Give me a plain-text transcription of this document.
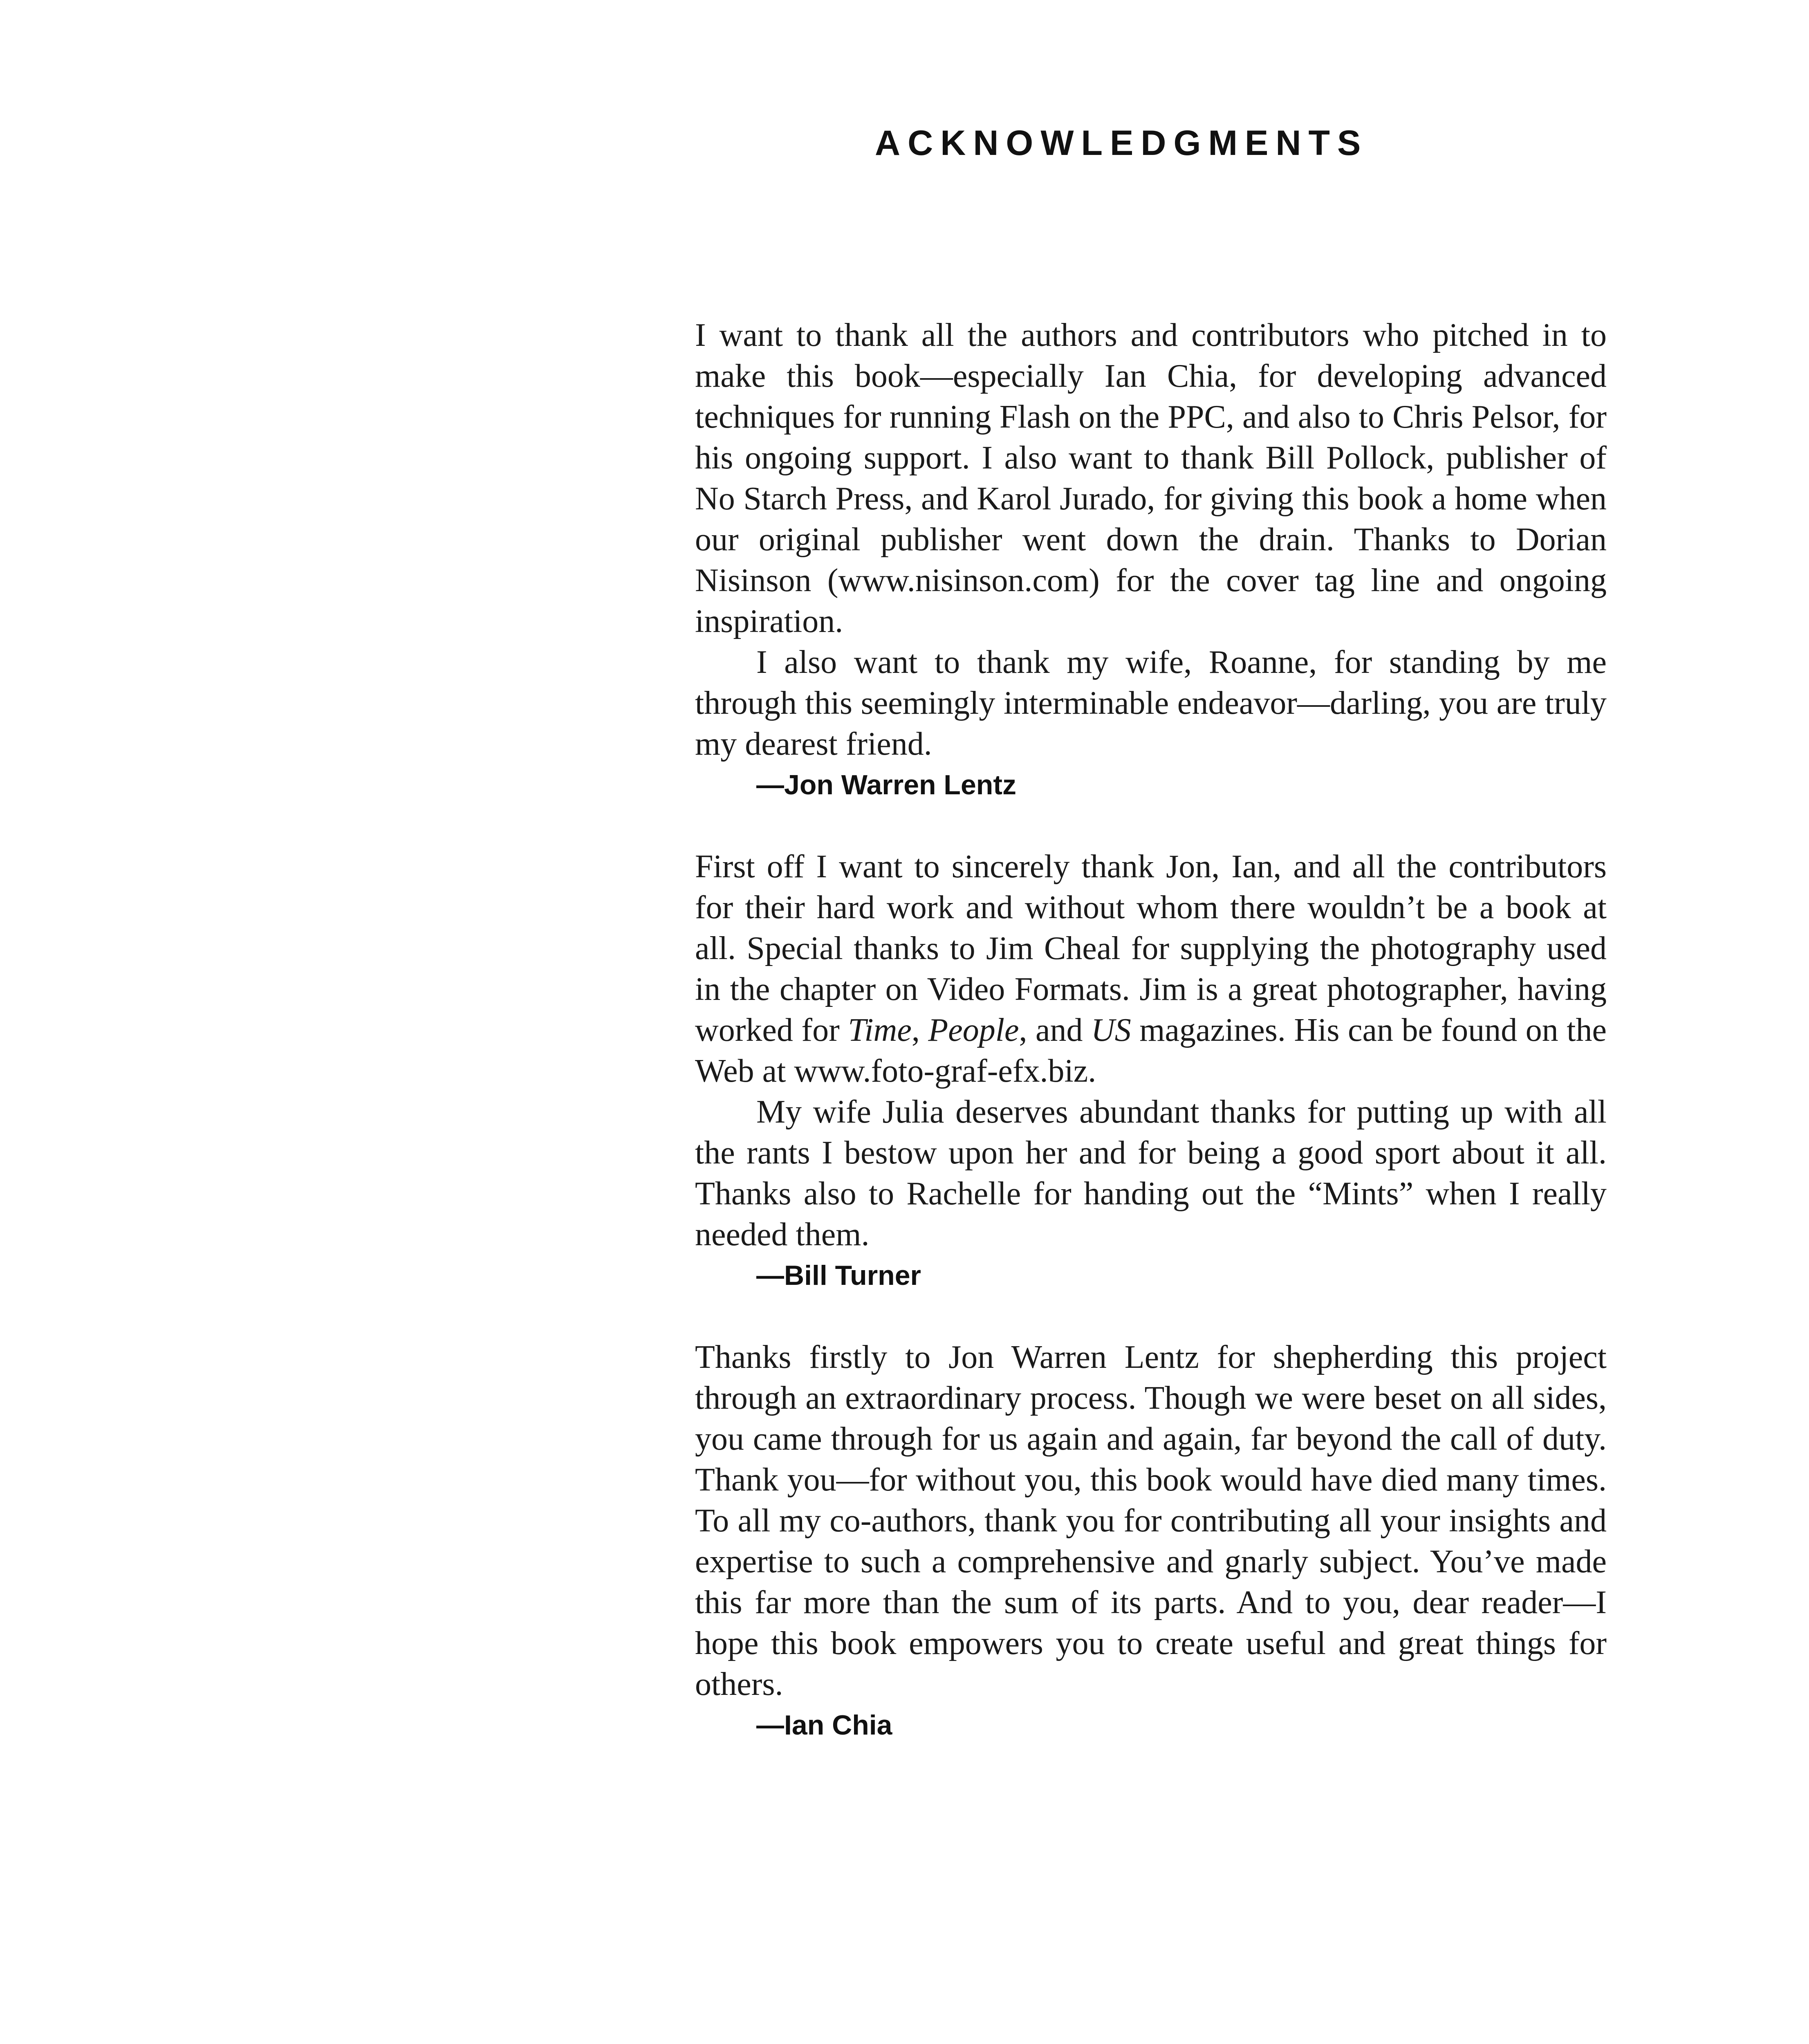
ACKNOWLEDGMENTS

I want to thank all the authors and contributors who pitched in to make this book—especially Ian Chia, for developing advanced techniques for running Flash on the PPC, and also to Chris Pelsor, for his ongoing support. I also want to thank Bill Pollock, publisher of No Starch Press, and Karol Jurado, for giving this book a home when our original publisher went down the drain. Thanks to Dorian Nisinson (www.nisinson.com) for the cover tag line and ongoing inspiration.

I also want to thank my wife, Roanne, for standing by me through this seemingly interminable endeavor—darling, you are truly my dearest friend.

—Jon Warren Lentz

First off I want to sincerely thank Jon, Ian, and all the contributors for their hard work and without whom there wouldn’t be a book at all. Special thanks to Jim Cheal for supplying the photography used in the chapter on Video Formats. Jim is a great photographer, having worked for Time, People, and US magazines. His can be found on the Web at www.foto-graf-efx.biz.

My wife Julia deserves abundant thanks for putting up with all the rants I bestow upon her and for being a good sport about it all. Thanks also to Rachelle for handing out the “Mints” when I really needed them.

—Bill Turner

Thanks firstly to Jon Warren Lentz for shepherding this project through an extraordinary process. Though we were beset on all sides, you came through for us again and again, far beyond the call of duty. Thank you—for without you, this book would have died many times. To all my co-authors, thank you for contributing all your insights and expertise to such a comprehensive and gnarly subject. You’ve made this far more than the sum of its parts. And to you, dear reader—I hope this book empowers you to create useful and great things for others.

—Ian Chia
